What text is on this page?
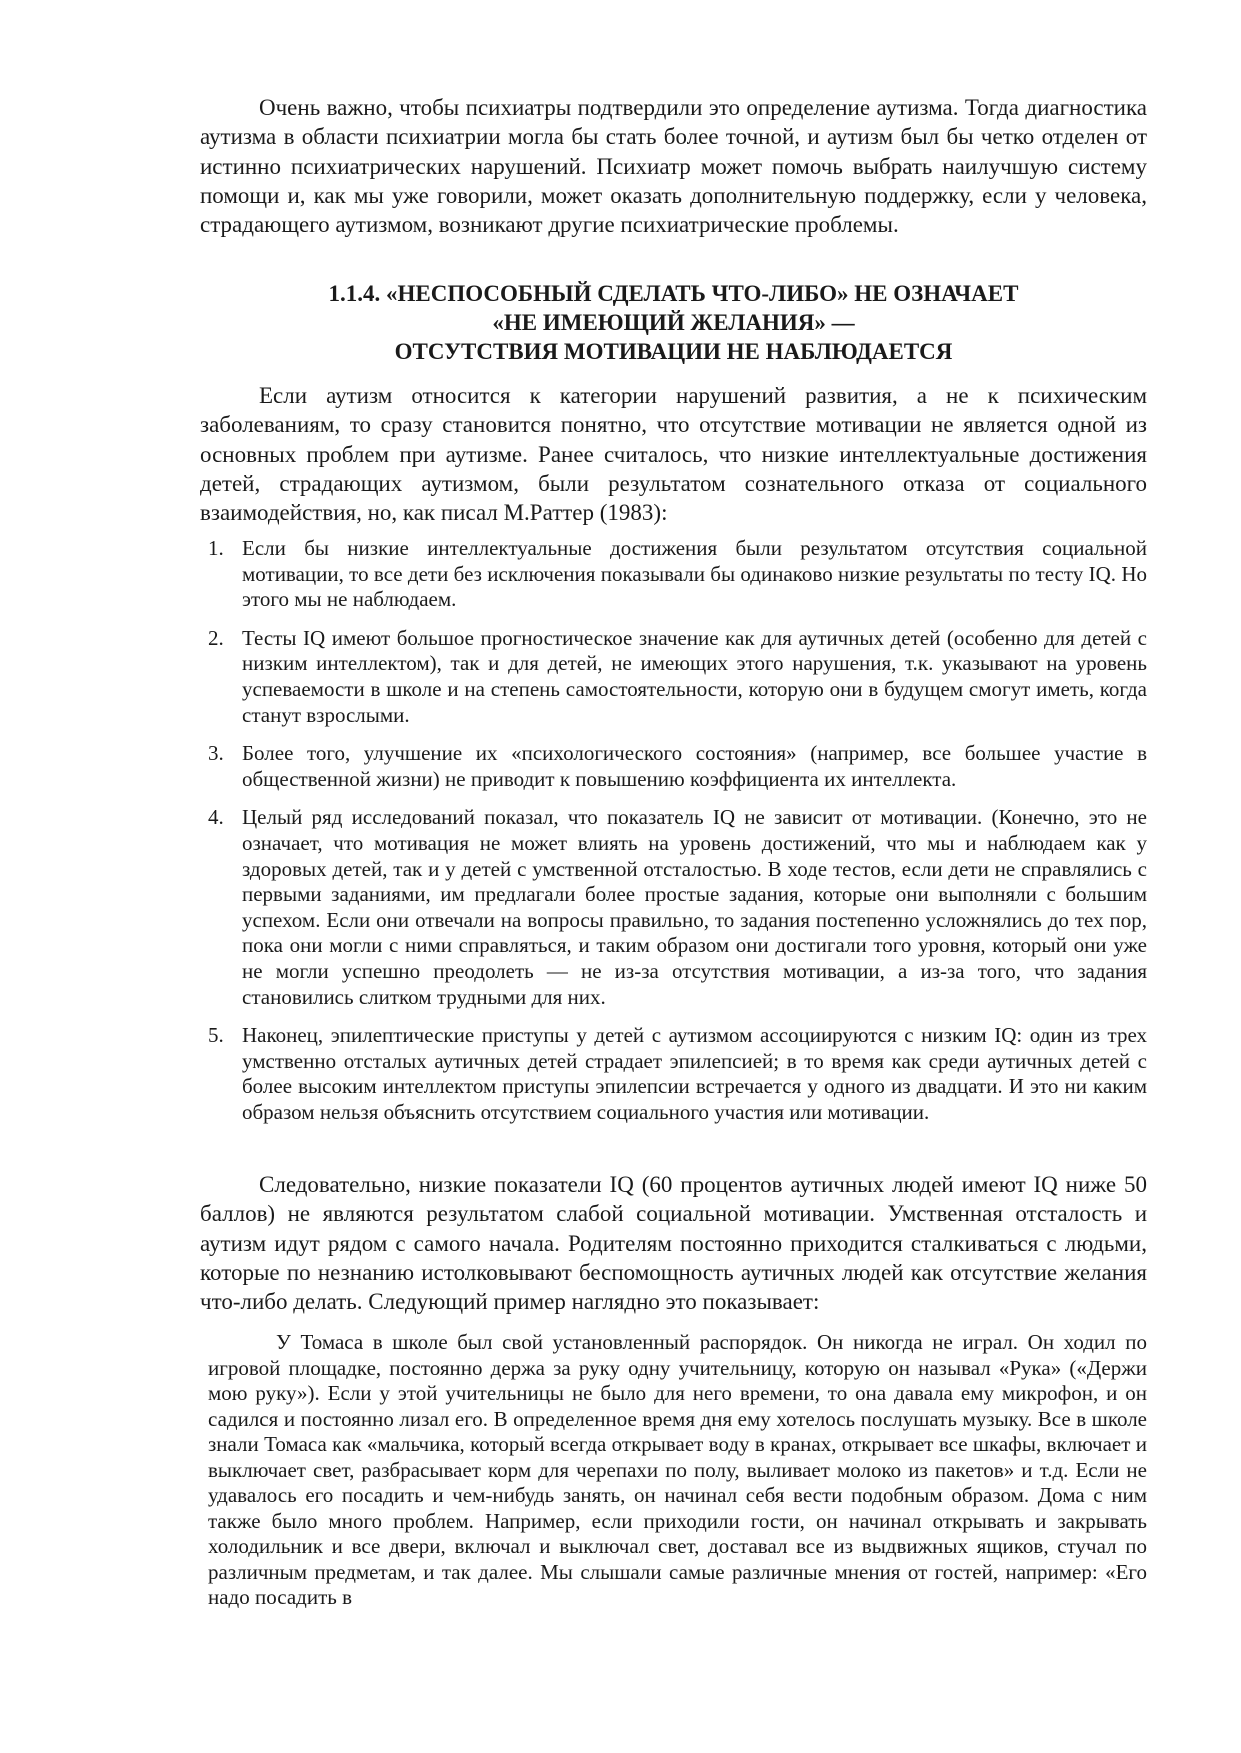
Очень важно, чтобы психиатры подтвердили это определение аутизма. Тогда диагностика аутизма в области психиатрии могла бы стать более точной, и аутизм был бы четко отделен от истинно психиатрических нарушений. Психиатр может помочь выбрать наилучшую систему помощи и, как мы уже говорили, может оказать дополнительную поддержку, если у человека, страдающего аутизмом, возникают другие психиатрические проблемы.

1.1.4. «НЕСПОСОБНЫЙ СДЕЛАТЬ ЧТО-ЛИБО» НЕ ОЗНАЧАЕТ
«НЕ ИМЕЮЩИЙ ЖЕЛАНИЯ» —
ОТСУТСТВИЯ МОТИВАЦИИ НЕ НАБЛЮДАЕТСЯ

Если аутизм относится к категории нарушений развития, а не к психическим заболеваниям, то сразу становится понятно, что отсутствие мотивации не является одной из основных проблем при аутизме. Ранее считалось, что низкие интеллектуальные достижения детей, страдающих аутизмом, были результатом сознательного отказа от социального взаимодействия, но, как писал М.Раттер (1983):

1. Если бы низкие интеллектуальные достижения были результатом отсутствия социальной мотивации, то все дети без исключения показывали бы одинаково низкие результаты по тесту IQ. Но этого мы не наблюдаем.
2. Тесты IQ имеют большое прогностическое значение как для аутичных детей (особенно для детей с низким интеллектом), так и для детей, не имеющих этого нарушения, т.к. указывают на уровень успеваемости в школе и на степень самостоятельности, которую они в будущем смогут иметь, когда станут взрослыми.
3. Более того, улучшение их «психологического состояния» (например, все большее участие в общественной жизни) не приводит к повышению коэффициента их интеллекта.
4. Целый ряд исследований показал, что показатель IQ не зависит от мотивации. (Конечно, это не означает, что мотивация не может влиять на уровень достижений, что мы и наблюдаем как у здоровых детей, так и у детей с умственной отсталостью. В ходе тестов, если дети не справлялись с первыми заданиями, им предлагали более простые задания, которые они выполняли с большим успехом. Если они отвечали на вопросы правильно, то задания постепенно усложнялись до тех пор, пока они могли с ними справляться, и таким образом они достигали того уровня, который они уже не могли успешно преодолеть — не из-за отсутствия мотивации, а из-за того, что задания становились слитком трудными для них.
5. Наконец, эпилептические приступы у детей с аутизмом ассоциируются с низким IQ: один из трех умственно отсталых аутичных детей страдает эпилепсией; в то время как среди аутичных детей с более высоким интеллектом приступы эпилепсии встречается у одного из двадцати. И это ни каким образом нельзя объяснить отсутствием социального участия или мотивации.

Следовательно, низкие показатели IQ (60 процентов аутичных людей имеют IQ ниже 50 баллов) не являются результатом слабой социальной мотивации. Умственная отсталость и аутизм идут рядом с самого начала. Родителям постоянно приходится сталкиваться с людьми, которые по незнанию истолковывают беспомощность аутичных людей как отсутствие желания что-либо делать. Следующий пример наглядно это показывает:

У Томаса в школе был свой установленный распорядок. Он никогда не играл. Он ходил по игровой площадке, постоянно держа за руку одну учительницу, которую он называл «Рука» («Держи мою руку»). Если у этой учительницы не было для него времени, то она давала ему микрофон, и он садился и постоянно лизал его. В определенное время дня ему хотелось послушать музыку. Все в школе знали Томаса как «мальчика, который всегда открывает воду в кранах, открывает все шкафы, включает и выключает свет, разбрасывает корм для черепахи по полу, выливает молоко из пакетов» и т.д. Если не удавалось его посадить и чем-нибудь занять, он начинал себя вести подобным образом. Дома с ним также было много проблем. Например, если приходили гости, он начинал открывать и закрывать холодильник и все двери, включал и выключал свет, доставал все из выдвижных ящиков, стучал по различным предметам, и так далее. Мы слышали самые различные мнения от гостей, например: «Его надо посадить в
